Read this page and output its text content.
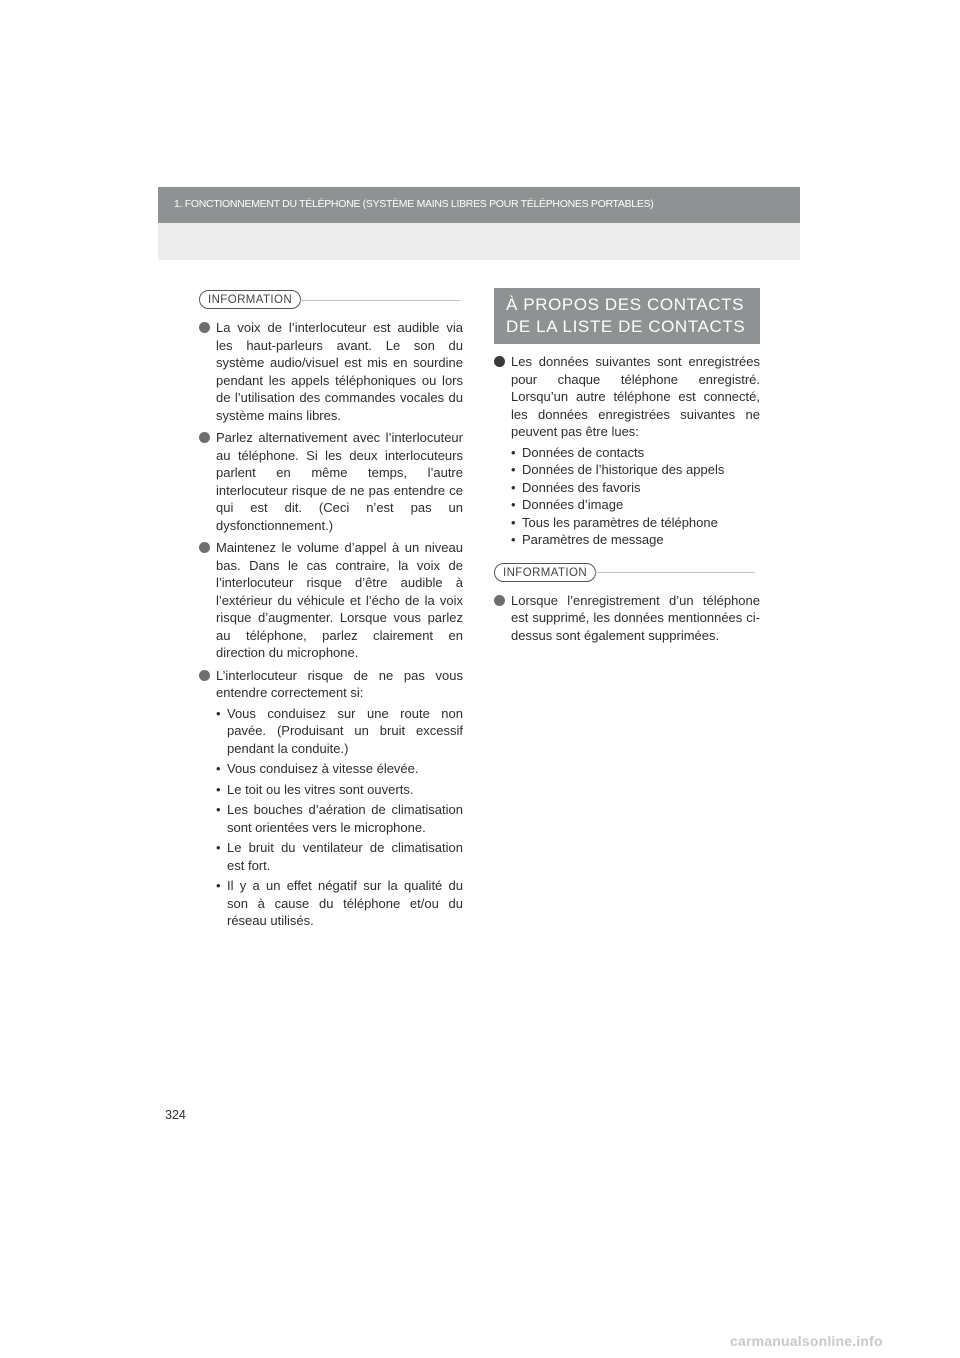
1. FONCTIONNEMENT DU TÉLÉPHONE (SYSTÈME MAINS LIBRES POUR TÉLÉPHONES PORTABLES)
INFORMATION
La voix de l’interlocuteur est audible via les haut-parleurs avant. Le son du système audio/visuel est mis en sourdine pendant les appels téléphoniques ou lors de l’utilisation des commandes vocales du système mains libres.
Parlez alternativement avec l’interlocuteur au téléphone. Si les deux interlocuteurs parlent en même temps, l’autre interlocuteur risque de ne pas entendre ce qui est dit. (Ceci n’est pas un dysfonctionnement.)
Maintenez le volume d’appel à un niveau bas. Dans le cas contraire, la voix de l’interlocuteur risque d’être audible à l’extérieur du véhicule et l’écho de la voix risque d’augmenter. Lorsque vous parlez au téléphone, parlez clairement en direction du microphone.
L’interlocuteur risque de ne pas vous entendre correctement si:
• Vous conduisez sur une route non pavée. (Produisant un bruit excessif pendant la conduite.)
• Vous conduisez à vitesse élevée.
• Le toit ou les vitres sont ouverts.
• Les bouches d’aération de climatisation sont orientées vers le microphone.
• Le bruit du ventilateur de climatisation est fort.
• Il y a un effet négatif sur la qualité du son à cause du téléphone et/ou du réseau utilisés.
À PROPOS DES CONTACTS
DE LA LISTE DE CONTACTS
Les données suivantes sont enregistrées pour chaque téléphone enregistré. Lorsqu’un autre téléphone est connecté, les données enregistrées suivantes ne peuvent pas être lues:
• Données de contacts
• Données de l’historique des appels
• Données des favoris
• Données d’image
• Tous les paramètres de téléphone
• Paramètres de message
INFORMATION
Lorsque l’enregistrement d’un téléphone est supprimé, les données mentionnées ci-dessus sont également supprimées.
324
carmanualsonline.info
